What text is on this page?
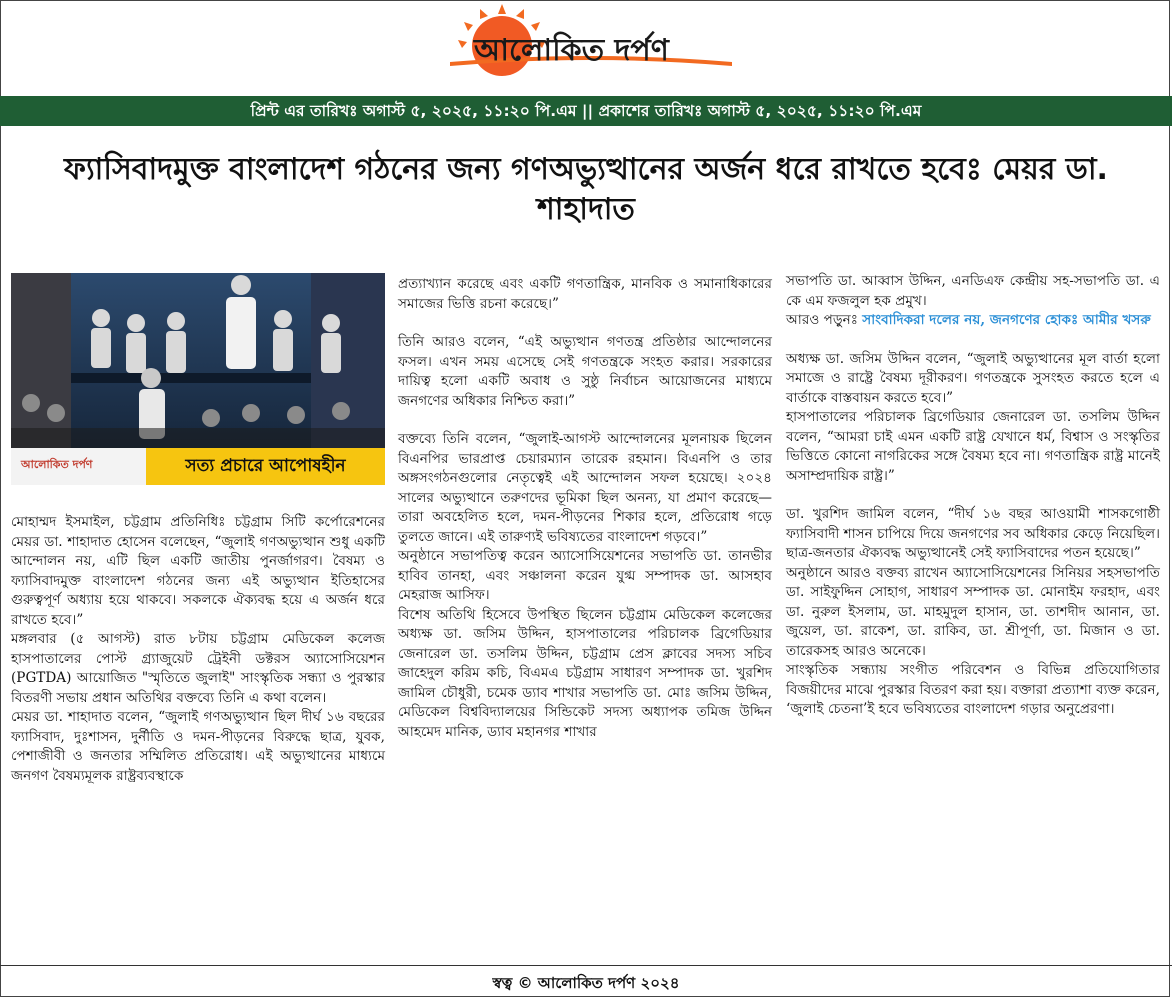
আলোকিত দর্পণ
প্রিন্ট এর তারিখঃ অগাস্ট ৫, ২০২৫, ১১:২০ পি.এম || প্রকাশের তারিখঃ অগাস্ট ৫, ২০২৫, ১১:২০ পি.এম
ফ্যাসিবাদমুক্ত বাংলাদেশ গঠনের জন্য গণঅভ্যুত্থানের অর্জন ধরে রাখতে হবেঃ মেয়র ডা. শাহাদাত
আলোকিত দর্পণ	সত্য প্রচারে আপোষহীন

মোহাম্মদ ইসমাইল, চট্টগ্রাম প্রতিনিধিঃ চট্টগ্রাম সিটি কর্পোরেশনের মেয়র ডা. শাহাদাত হোসেন বলেছেন, “জুলাই গণঅভ্যুত্থান শুধু একটি আন্দোলন নয়, এটি ছিল একটি জাতীয় পুনর্জাগরণ। বৈষম্য ও ফ্যাসিবাদমুক্ত বাংলাদেশ গঠনের জন্য এই অভ্যুত্থান ইতিহাসের গুরুত্বপূর্ণ অধ্যায় হয়ে থাকবে। সকলকে ঐক্যবদ্ধ হয়ে এ অর্জন ধরে রাখতে হবে।”

মঙ্গলবার (৫ আগস্ট) রাত ৮টায় চট্টগ্রাম মেডিকেল কলেজ হাসপাতালের পোস্ট গ্র্যাজুয়েট ট্রেইনী ডক্টরস অ্যাসোসিয়েশন (PGTDA) আয়োজিত "স্মৃতিতে জুলাই" সাংস্কৃতিক সন্ধ্যা ও পুরস্কার বিতরণী সভায় প্রধান অতিথির বক্তব্যে তিনি এ কথা বলেন।

মেয়র ডা. শাহাদাত বলেন, “জুলাই গণঅভ্যুত্থান ছিল দীর্ঘ ১৬ বছরের ফ্যাসিবাদ, দুঃশাসন, দুর্নীতি ও দমন-পীড়নের বিরুদ্ধে ছাত্র, যুবক, পেশাজীবী ও জনতার সম্মিলিত প্রতিরোধ। এই অভ্যুত্থানের মাধ্যমে জনগণ বৈষম্যমূলক রাষ্ট্রব্যবস্থাকে

প্রত্যাখ্যান করেছে এবং একটি গণতান্ত্রিক, মানবিক ও সমানাধিকারের সমাজের ভিত্তি রচনা করেছে।”

তিনি আরও বলেন, “এই অভ্যুত্থান গণতন্ত্র প্রতিষ্ঠার আন্দোলনের ফসল। এখন সময় এসেছে সেই গণতন্ত্রকে সংহত করার। সরকারের দায়িত্ব হলো একটি অবাধ ও সুষ্ঠু নির্বাচন আয়োজনের মাধ্যমে জনগণের অধিকার নিশ্চিত করা।”

বক্তব্যে তিনি বলেন, “জুলাই-আগস্ট আন্দোলনের মূলনায়ক ছিলেন বিএনপির ভারপ্রাপ্ত চেয়ারম্যান তারেক রহমান। বিএনপি ও তার অঙ্গসংগঠনগুলোর নেতৃত্বেই এই আন্দোলন সফল হয়েছে। ২০২৪ সালের অভ্যুত্থানে তরুণদের ভূমিকা ছিল অনন্য, যা প্রমাণ করেছে—তারা অবহেলিত হলে, দমন-পীড়নের শিকার হলে, প্রতিরোধ গড়ে তুলতে জানে। এই তারুণ্যই ভবিষ্যতের বাংলাদেশ গড়বে।”

অনুষ্ঠানে সভাপতিত্ব করেন অ্যাসোসিয়েশনের সভাপতি ডা. তানভীর হাবিব তানহা, এবং সঞ্চালনা করেন যুগ্ম সম্পাদক ডা. আসহাব মেহরাজ আসিফ।

বিশেষ অতিথি হিসেবে উপস্থিত ছিলেন চট্টগ্রাম মেডিকেল কলেজের অধ্যক্ষ ডা. জসিম উদ্দিন, হাসপাতালের পরিচালক ব্রিগেডিয়ার জেনারেল ডা. তসলিম উদ্দিন, চট্টগ্রাম প্রেস ক্লাবের সদস্য সচিব জাহেদুল করিম কচি, বিএমএ চট্টগ্রাম সাধারণ সম্পাদক ডা. খুরশিদ জামিল চৌধুরী, চমেক ড্যাব শাখার সভাপতি ডা. মোঃ জসিম উদ্দিন, মেডিকেল বিশ্ববিদ্যালয়ের সিন্ডিকেট সদস্য অধ্যাপক তমিজ উদ্দিন আহমেদ মানিক, ড্যাব মহানগর শাখার

সভাপতি ডা. আব্বাস উদ্দিন, এনডিএফ কেন্দ্রীয় সহ-সভাপতি ডা. এ কে এম ফজলুল হক প্রমুখ।

আরও পড়ুনঃ সাংবাদিকরা দলের নয়, জনগণের হোকঃ আমীর খসরু

অধ্যক্ষ ডা. জসিম উদ্দিন বলেন, “জুলাই অভ্যুত্থানের মূল বার্তা হলো সমাজে ও রাষ্ট্রে বৈষম্য দূরীকরণ। গণতন্ত্রকে সুসংহত করতে হলে এ বার্তাকে বাস্তবায়ন করতে হবে।”

হাসপাতালের পরিচালক ব্রিগেডিয়ার জেনারেল ডা. তসলিম উদ্দিন বলেন, “আমরা চাই এমন একটি রাষ্ট্র যেখানে ধর্ম, বিশ্বাস ও সংস্কৃতির ভিত্তিতে কোনো নাগরিকের সঙ্গে বৈষম্য হবে না। গণতান্ত্রিক রাষ্ট্র মানেই অসাম্প্রদায়িক রাষ্ট্র।”

ডা. খুরশিদ জামিল বলেন, “দীর্ঘ ১৬ বছর আওয়ামী শাসকগোষ্ঠী ফ্যাসিবাদী শাসন চাপিয়ে দিয়ে জনগণের সব অধিকার কেড়ে নিয়েছিল। ছাত্র-জনতার ঐক্যবদ্ধ অভ্যুত্থানেই সেই ফ্যাসিবাদের পতন হয়েছে।”

অনুষ্ঠানে আরও বক্তব্য রাখেন অ্যাসোসিয়েশনের সিনিয়র সহসভাপতি ডা. সাইফুদ্দিন সোহাগ, সাধারণ সম্পাদক ডা. মোনাইম ফরহাদ, এবং ডা. নুরুল ইসলাম, ডা. মাহমুদুল হাসান, ডা. তাশদীদ আনান, ডা. জুয়েল, ডা. রাকেশ, ডা. রাকিব, ডা. শ্রীপূর্ণা, ডা. মিজান ও ডা. তারেকসহ আরও অনেকে।

সাংস্কৃতিক সন্ধ্যায় সংগীত পরিবেশন ও বিভিন্ন প্রতিযোগিতার বিজয়ীদের মাঝে পুরস্কার বিতরণ করা হয়। বক্তারা প্রত্যাশা ব্যক্ত করেন, ‘জুলাই চেতনা’ই হবে ভবিষ্যতের বাংলাদেশ গড়ার অনুপ্রেরণা।

স্বত্ব © আলোকিত দর্পণ ২০২৪
